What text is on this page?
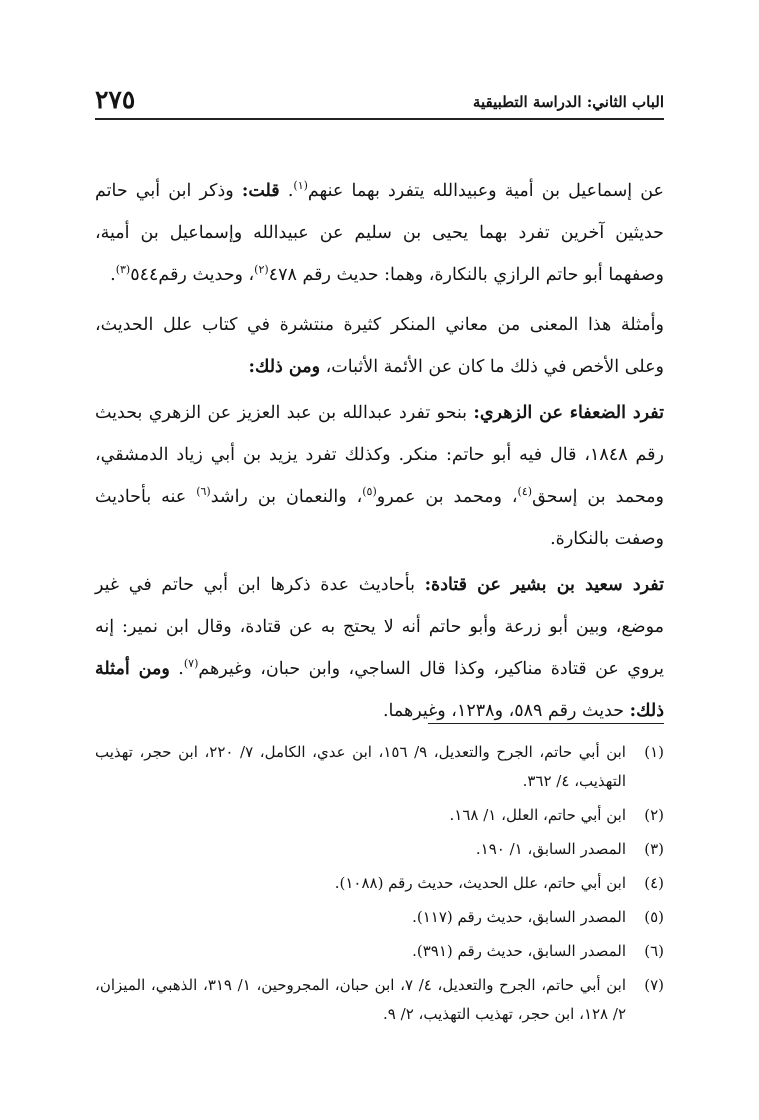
٢٧٥	الباب الثاني: الدراسة التطبيقية

عن إسماعيل بن أمية وعبيدالله يتفرد بهما عنهم$^{(١)}$. قلت: وذكر ابن أبي حاتم حديثين آخرين تفرد بهما يحيى بن سليم عن عبيدالله وإسماعيل بن أمية، وصفهما أبو حاتم الرازي بالنكارة، وهما: حديث رقم ٤٧٨$^{(٢)}$، وحديث رقم٥٤٤$^{(٣)}$.

وأمثلة هذا المعنى من معاني المنكر كثيرة منتشرة في كتاب علل الحديث، وعلى الأخص في ذلك ما كان عن الأئمة الأثبات، ومن ذلك:

تفرد الضعفاء عن الزهري: بنحو تفرد عبدالله بن عبد العزيز عن الزهري بحديث رقم ١٨٤٨، قال فيه أبو حاتم: منكر. وكذلك تفرد يزيد بن أبي زياد الدمشقي، ومحمد بن إسحق$^{(٤)}$، ومحمد بن عمرو$^{(٥)}$، والنعمان بن راشد$^{(٦)}$ عنه بأحاديث وصفت بالنكارة.

تفرد سعيد بن بشير عن قتادة: بأحاديث عدة ذكرها ابن أبي حاتم في غير موضع، وبين أبو زرعة وأبو حاتم أنه لا يحتج به عن قتادة، وقال ابن نمير: إنه يروي عن قتادة مناكير، وكذا قال الساجي، وابن حبان، وغيرهم$^{(٧)}$. ومن أمثلة ذلك: حديث رقم ٥٨٩، و١٢٣٨، وغيرهما.

(١)
ابن أبي حاتم، الجرح والتعديل، ٩/ ١٥٦، ابن عدي، الكامل، ٧/ ٢٢٠، ابن حجر، تهذيب التهذيب، ٤/ ٣٦٢.
(٢)
ابن أبي حاتم، العلل، ١/ ١٦٨.
(٣)
المصدر السابق، ١/ ١٩٠.
(٤)
ابن أبي حاتم، علل الحديث، حديث رقم (١٠٨٨).
(٥)
المصدر السابق، حديث رقم (١١٧).
(٦)
المصدر السابق، حديث رقم (٣٩١).
(٧)
ابن أبي حاتم، الجرح والتعديل، ٤/ ٧، ابن حبان، المجروحين، ١/ ٣١٩، الذهبي، الميزان، ٢/ ١٢٨، ابن حجر، تهذيب التهذيب، ٢/ ٩.
